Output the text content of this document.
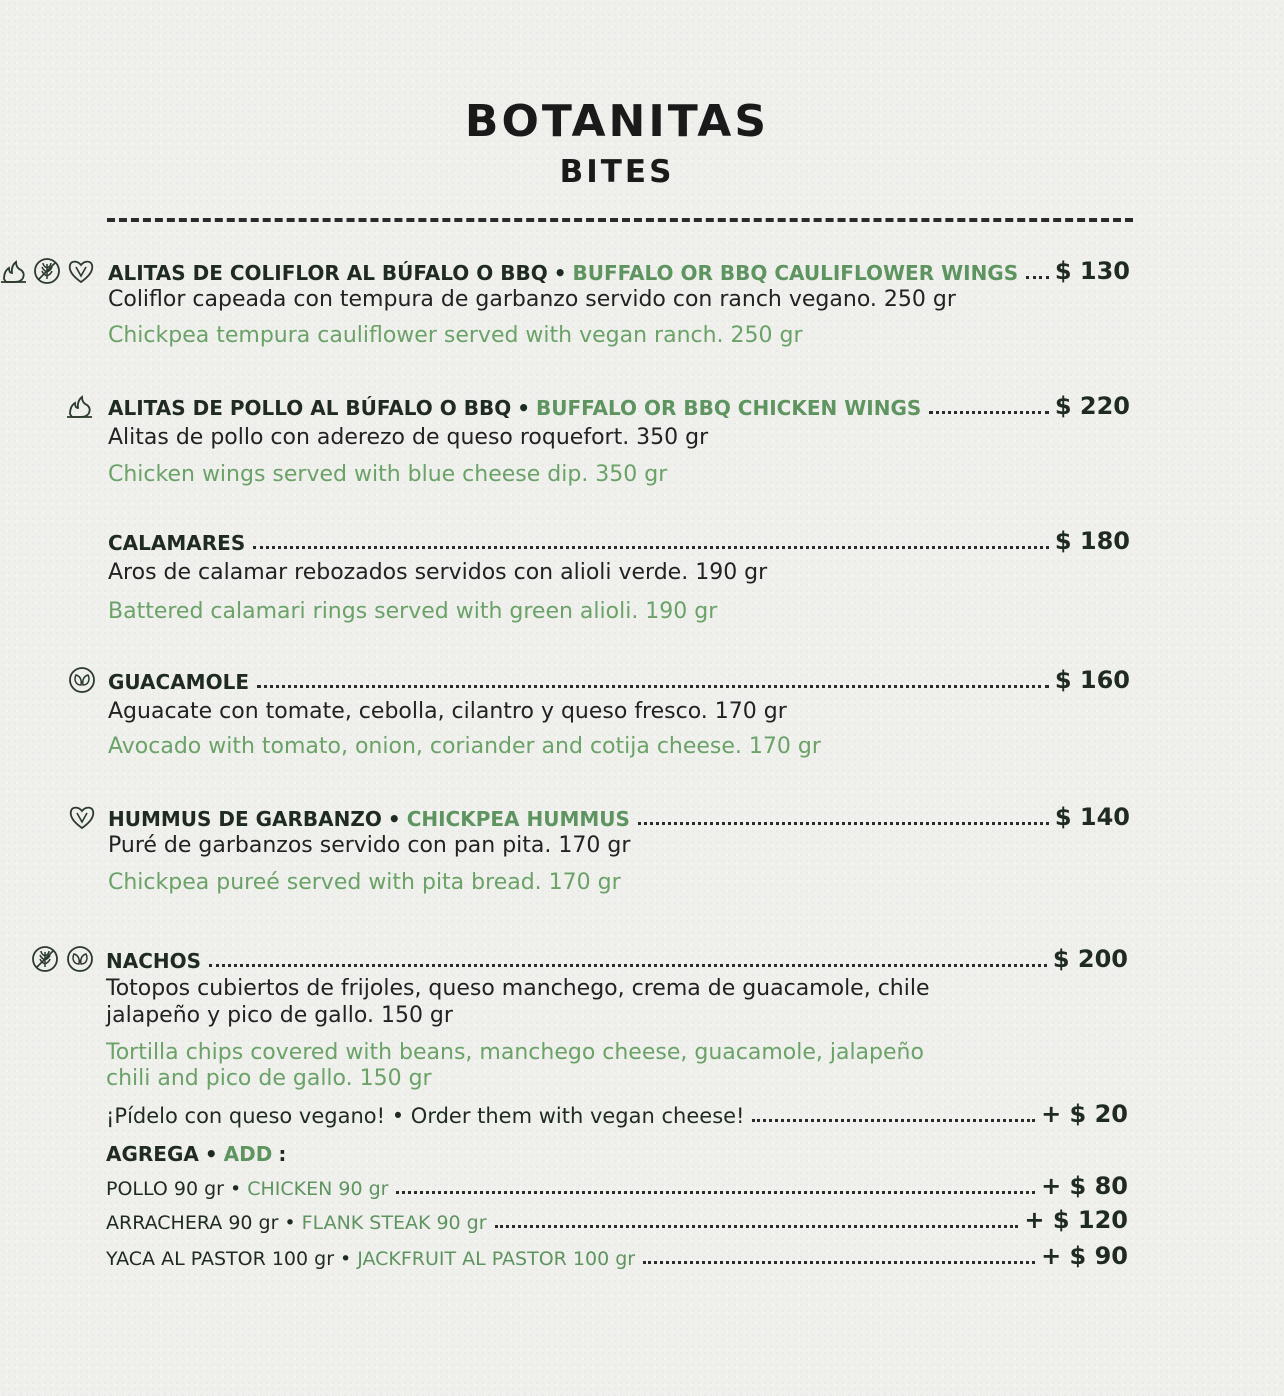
BOTANITAS
BITES
ALITAS DE COLIFLOR AL BÚFALO O BBQ • BUFFALO OR BBQ CAULIFLOWER WINGS $ 130
Coliflor capeada con tempura de garbanzo servido con ranch vegano. 250 gr
Chickpea tempura cauliflower served with vegan ranch. 250 gr
ALITAS DE POLLO AL BÚFALO O BBQ • BUFFALO OR BBQ CHICKEN WINGS	$ 220
Alitas de pollo con aderezo de queso roquefort. 350 gr
Chicken wings served with blue cheese dip. 350 gr
CALAMARES	$ 180
Aros de calamar rebozados servidos con alioli verde. 190 gr
Battered calamari rings served with green alioli. 190 gr
GUACAMOLE	$ 160
Aguacate con tomate, cebolla, cilantro y queso fresco. 170 gr
Avocado with tomato, onion, coriander and cotija cheese. 170 gr
HUMMUS DE GARBANZO • CHICKPEA HUMMUS	$ 140
Puré de garbanzos servido con pan pita. 170 gr
Chickpea pureé served with pita bread. 170 gr
NACHOS	$ 200
Totopos cubiertos de frijoles, queso manchego, crema de guacamole, chile
jalapeño y pico de gallo. 150 gr
Tortilla chips covered with beans, manchego cheese, guacamole, jalapeño
chili and pico de gallo. 150 gr
¡Pídelo con queso vegano! • Order them with vegan cheese!	+ $ 20
AGREGA • ADD :
POLLO 90 gr • CHICKEN 90 gr	+ $ 80
ARRACHERA 90 gr • FLANK STEAK 90 gr	+ $ 120
YACA AL PASTOR 100 gr • JACKFRUIT AL PASTOR 100 gr	+ $ 90
